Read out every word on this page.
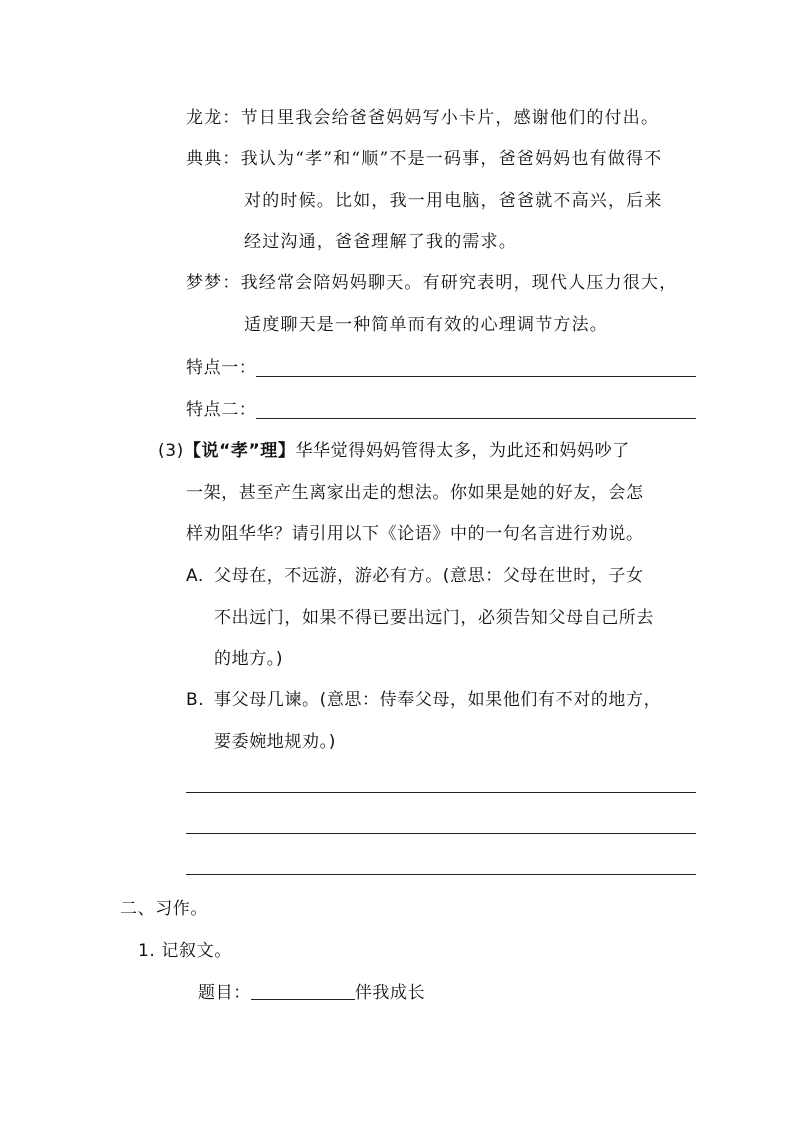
龙龙：节日里我会给爸爸妈妈写小卡片，感谢他们的付出。
典典：我认为“孝”和“顺”不是一码事，爸爸妈妈也有做得不
对的时候。比如，我一用电脑，爸爸就不高兴，后来
经过沟通，爸爸理解了我的需求。
梦梦：我经常会陪妈妈聊天。有研究表明，现代人压力很大，
适度聊天是一种简单而有效的心理调节方法。
特点一：
特点二：
(3)【说“孝”理】华华觉得妈妈管得太多，为此还和妈妈吵了
一架，甚至产生离家出走的想法。你如果是她的好友，会怎
样劝阻华华？请引用以下《论语》中的一句名言进行劝说。
A. 父母在，不远游，游必有方。(意思：父母在世时，子女
不出远门，如果不得已要出远门，必须告知父母自己所去
的地方。)
B. 事父母几谏。(意思：侍奉父母，如果他们有不对的地方，
要委婉地规劝。)
二、习作。
1. 记叙文。
题目：	伴我成长
